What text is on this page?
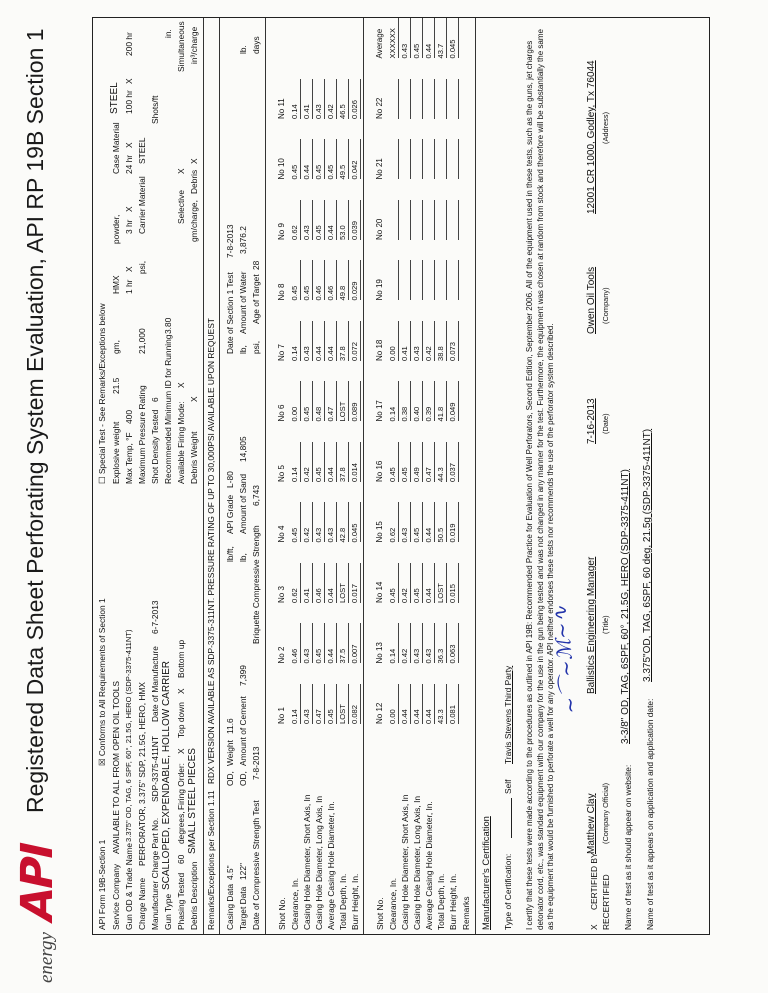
energy
API
Registered Data Sheet Perforating System Evaluation, API RP 19B Section 1
API Form 19B-Section 1
☒ Conforms to All Requirements of Section 1
☐ Special Test - See Remarks/Exceptions below
Service Company
AVAILABLE TO ALL FROM OPEN OIL TOOLS
Gun OD & Trade Name
3.375" OD, TAG, 6 SPF, 60°, 21.5G, HERO (SDP-3375-411NT)
Charge Name
PERFORATOR, 3.375" SDP, 21.5G, HERO, HMX
Manufacturer Charge Part No.
SDP-3375-411NT
Date of Manufacture
6-7-2013
Gun Type
SCALLOPED, EXPENDABLE, HOLLOW CARRIER
Phasing Tested
60
degrees,
Firing Order:
X
Top down
X
Bottom up
Debris Description
SMALL STEEL PIECES
Explosive weight
21.5
gm,
HMX
powder,
Case Material
STEEL
Max Temp, °F
400
1 hr
X
3 hr
X
24 hr
X
100 hr
X
200 hr
Maximum Pressure Rating
21,000
psi,
Carrier Material
STEEL
Shot Density Tested
6
Shots/ft
Recommended Minimum ID for Running
3.80
in.
Available Firing Mode:
X
Selective
X
Simultaneous
Debris Weight
X
gm/charge,
Debris
X
in³/charge
Remarks/Exceptions per Section 1.11
RDX VERSION AVAILABLE AS SDP-3375-311NT. PRESSURE RATING OF UP TO 30,000PSI AVAILABLE UPON REQUEST
Casing Data
4.5"
OD,
Weight
11.6
lb/ft,
API Grade
L-80
Date of Section 1 Test
7-8-2013
Target Data
122"
OD,
Amount of Cement
7,399
lb,
Amount of Sand
14,805
lb,
Amount of Water
3,876.2
lb.
Date of Compressive Strength Test
7-8-2013
Briquette Compressive Strength
6,743
psi,
Age of Target
28
days
Shot No.
No 1
No 2
No 3
No 4
No 5
No 6
No 7
No 8
No 9
No 10
No 11
Clearance, In.
0.14
0.46
0.62
0.45
0.14
0.00
0.14
0.45
0.62
0.45
0.14
Casing Hole Diameter, Short Axis, In
0.43
0.43
0.41
0.42
0.42
0.45
0.43
0.45
0.43
0.44
0.41
Casing Hole Diameter, Long Axis, In
0.47
0.45
0.46
0.43
0.45
0.48
0.44
0.46
0.45
0.45
0.43
Average Casing Hole Diameter, In.
0.45
0.44
0.44
0.43
0.44
0.47
0.44
0.46
0.44
0.45
0.42
Total Depth, In.
LOST
37.5
LOST
42.8
37.8
LOST
37.8
49.8
53.0
49.5
46.5
Burr Height, In.
0.082
0.007
0.017
0.045
0.014
0.089
0.072
0.029
0.039
0.042
0.026
Shot No.
No 12
No 13
No 14
No 15
No 16
No 17
No 18
No 19
No 20
No 21
No 22
Average
Clearance, In.
0.00
0.14
0.45
0.62
0.45
0.14
0.00
XXXXXX
Casing Hole Diameter, Short Axis, In
0.44
0.42
0.42
0.43
0.45
0.38
0.41
0.43
Casing Hole Diameter, Long Axis, In
0.44
0.43
0.45
0.45
0.49
0.40
0.43
0.45
Average Casing Hole Diameter, In.
0.44
0.43
0.44
0.44
0.47
0.39
0.42
0.44
Total Depth, In.
43.3
36.3
LOST
50.5
44.3
41.8
38.8
43.7
Burr Height, In.
0.081
0.063
0.015
0.019
0.037
0.049
0.073
0.045
Remarks Manufacturer's Certification Type of Certification:
Self
Travis Stevens Third Party I certify that these tests were made according to the procedures as outlined in API 19B: Recommended Practice for Evaluation of Well Perforators, Second Edition, September 2006. All of the equipment used in these tests, such as the guns, jet charges detonator cord, etc., was standard equipment with our company for the use in the gun being tested and was not changed in any manner for the test. Furthermore, the equipment was chosen at random from stock and therefore will be substantially the same as the equipment that would be furnished to perforate a well for any operator. API neither endorses these tests nor recommends the use of the perforator system described.
~⌒~ℳ~∿
X
CERTIFIED BY RECERTIFIED
Matthew Clay (Company Official)
Ballistics Engineering Manager (Title)
7-16-2013 (Date)
Owen Oil Tools (Company)
12001 CR 1000, Godley, Tx 76044 (Address)
Name of test as it should appear on website:
3-3/8" OD, TAG, 6SPF, 60°, 21.5G, HERO (SDP-3375-411NT)
Name of test as it appears on application and application date:
3.375"OD, TAG, 6SPF, 60 deg, 21.5g (SDP-3375-411NT)
